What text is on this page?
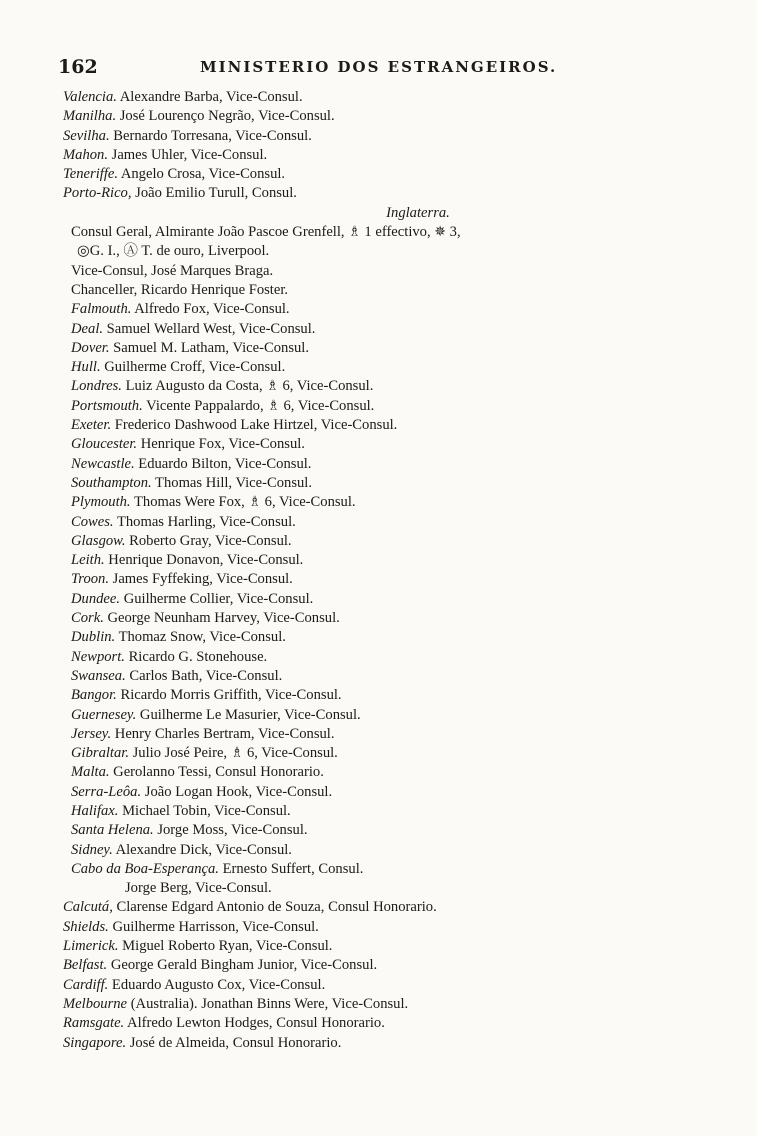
162	MINISTERIO DOS ESTRANGEIROS.
Valencia. Alexandre Barba, Vice-Consul.
Manilha. José Lourenço Negrão, Vice-Consul.
Sevilha. Bernardo Torresana, Vice-Consul.
Mahon. James Uhler, Vice-Consul.
Teneriffe. Angelo Crosa, Vice-Consul.
Porto-Rico, João Emilio Turull, Consul.
Inglaterra.
Consul Geral, Almirante João Pascoe Grenfell, ♗ 1 effectivo, ✵ 3,
◎G. I., Ⓐ T. de ouro, Liverpool.
Vice-Consul, José Marques Braga.
Chanceller, Ricardo Henrique Foster.
Falmouth. Alfredo Fox, Vice-Consul.
Deal. Samuel Wellard West, Vice-Consul.
Dover. Samuel M. Latham, Vice-Consul.
Hull. Guilherme Croff, Vice-Consul.
Londres. Luiz Augusto da Costa, ♗ 6, Vice-Consul.
Portsmouth. Vicente Pappalardo, ♗ 6, Vice-Consul.
Exeter. Frederico Dashwood Lake Hirtzel, Vice-Consul.
Gloucester. Henrique Fox, Vice-Consul.
Newcastle. Eduardo Bilton, Vice-Consul.
Southampton. Thomas Hill, Vice-Consul.
Plymouth. Thomas Were Fox, ♗ 6, Vice-Consul.
Cowes. Thomas Harling, Vice-Consul.
Glasgow. Roberto Gray, Vice-Consul.
Leith. Henrique Donavon, Vice-Consul.
Troon. James Fyffeking, Vice-Consul.
Dundee. Guilherme Collier, Vice-Consul.
Cork. George Neunham Harvey, Vice-Consul.
Dublin. Thomaz Snow, Vice-Consul.
Newport. Ricardo G. Stonehouse.
Swansea. Carlos Bath, Vice-Consul.
Bangor. Ricardo Morris Griffith, Vice-Consul.
Guernesey. Guilherme Le Masurier, Vice-Consul.
Jersey. Henry Charles Bertram, Vice-Consul.
Gibraltar. Julio José Peire, ♗ 6, Vice-Consul.
Malta. Gerolanno Tessi, Consul Honorario.
Serra-Leôa. João Logan Hook, Vice-Consul.
Halifax. Michael Tobin, Vice-Consul.
Santa Helena. Jorge Moss, Vice-Consul.
Sidney. Alexandre Dick, Vice-Consul.
Cabo da Boa-Esperança. Ernesto Suffert, Consul.
Jorge Berg, Vice-Consul.
Calcutá, Clarense Edgard Antonio de Souza, Consul Honorario.
Shields. Guilherme Harrisson, Vice-Consul.
Limerick. Miguel Roberto Ryan, Vice-Consul.
Belfast. George Gerald Bingham Junior, Vice-Consul.
Cardiff. Eduardo Augusto Cox, Vice-Consul.
Melbourne (Australia). Jonathan Binns Were, Vice-Consul.
Ramsgate. Alfredo Lewton Hodges, Consul Honorario.
Singapore. José de Almeida, Consul Honorario.
